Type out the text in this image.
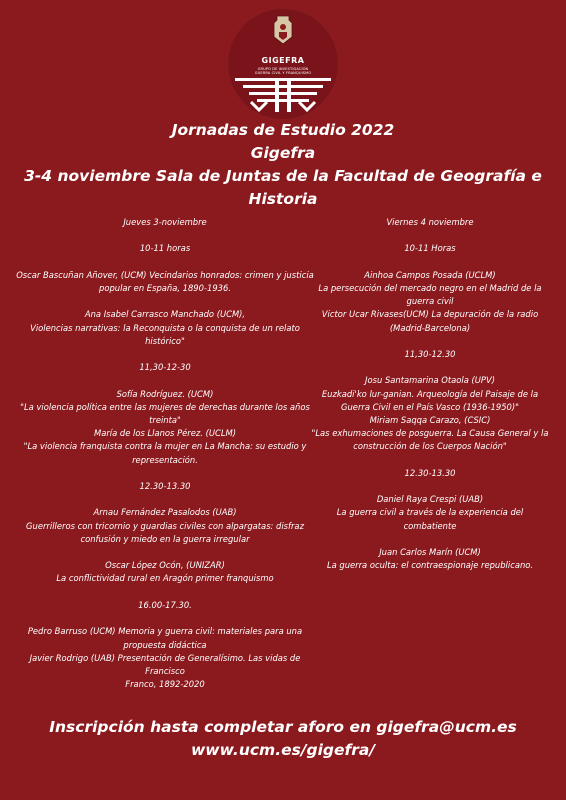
GIGEFRA
GRUPO DE INVESTIGACIÓN
GUERRA CIVIL Y FRANQUISMO
Jornadas de Estudio 2022
Gigefra
3-4 noviembre Sala de Juntas de la Facultad de Geografía e Historia

Jueves 3-noviembre

10-11 horas

Oscar Bascuñan Añover, (UCM) Vecindarios honrados: crimen y justicia

popular en España, 1890-1936.

Ana Isabel Carrasco Manchado (UCM),

Violencias narrativas: la Reconquista o la conquista de un relato histórico"

11,30-12-30

Sofía Rodríguez. (UCM)

"La violencia política entre las mujeres de derechas durante los años

treinta"

María de los Llanos Pérez. (UCLM)

"La violencia franquista contra la mujer en La Mancha: su estudio y

representación.

12.30-13.30

Arnau Fernández Pasalodos (UAB)

Guerrilleros con tricornio y guardias civiles con alpargatas: disfraz

confusión y miedo en la guerra irregular

Oscar López Ocón, (UNIZAR)

La conflictividad rural en Aragón primer franquismo

16.00-17.30.

Pedro Barruso (UCM) Memoria y guerra civil: materiales para una

propuesta didáctica

Javier Rodrigo (UAB) Presentación de Generalísimo. Las vidas de Francisco

Franco, 1892-2020

Viernes 4 noviembre

10-11 Horas

Ainhoa Campos Posada (UCLM)

La persecución del mercado negro en el Madrid de la

guerra civil

Victor Ucar Rivases(UCM) La depuración de la radio

(Madrid-Barcelona)

11,30-12.30

Josu Santamarina Otaola (UPV)

Euzkadi'ko lur-ganian. Arqueología del Paisaje de la

Guerra Civil en el País Vasco (1936-1950)"

Miriam Saqqa Carazo, (CSIC)

"Las exhumaciones de posguerra. La Causa General y la

construcción de los Cuerpos Nación"

12.30-13.30

Daniel Raya Crespi (UAB)

La guerra civil a través de la experiencia del

combatiente

Juan Carlos Marín (UCM)

La guerra oculta: el contraespionaje republicano.

Inscripción hasta completar aforo en gigefra@ucm.es
www.ucm.es/gigefra/
